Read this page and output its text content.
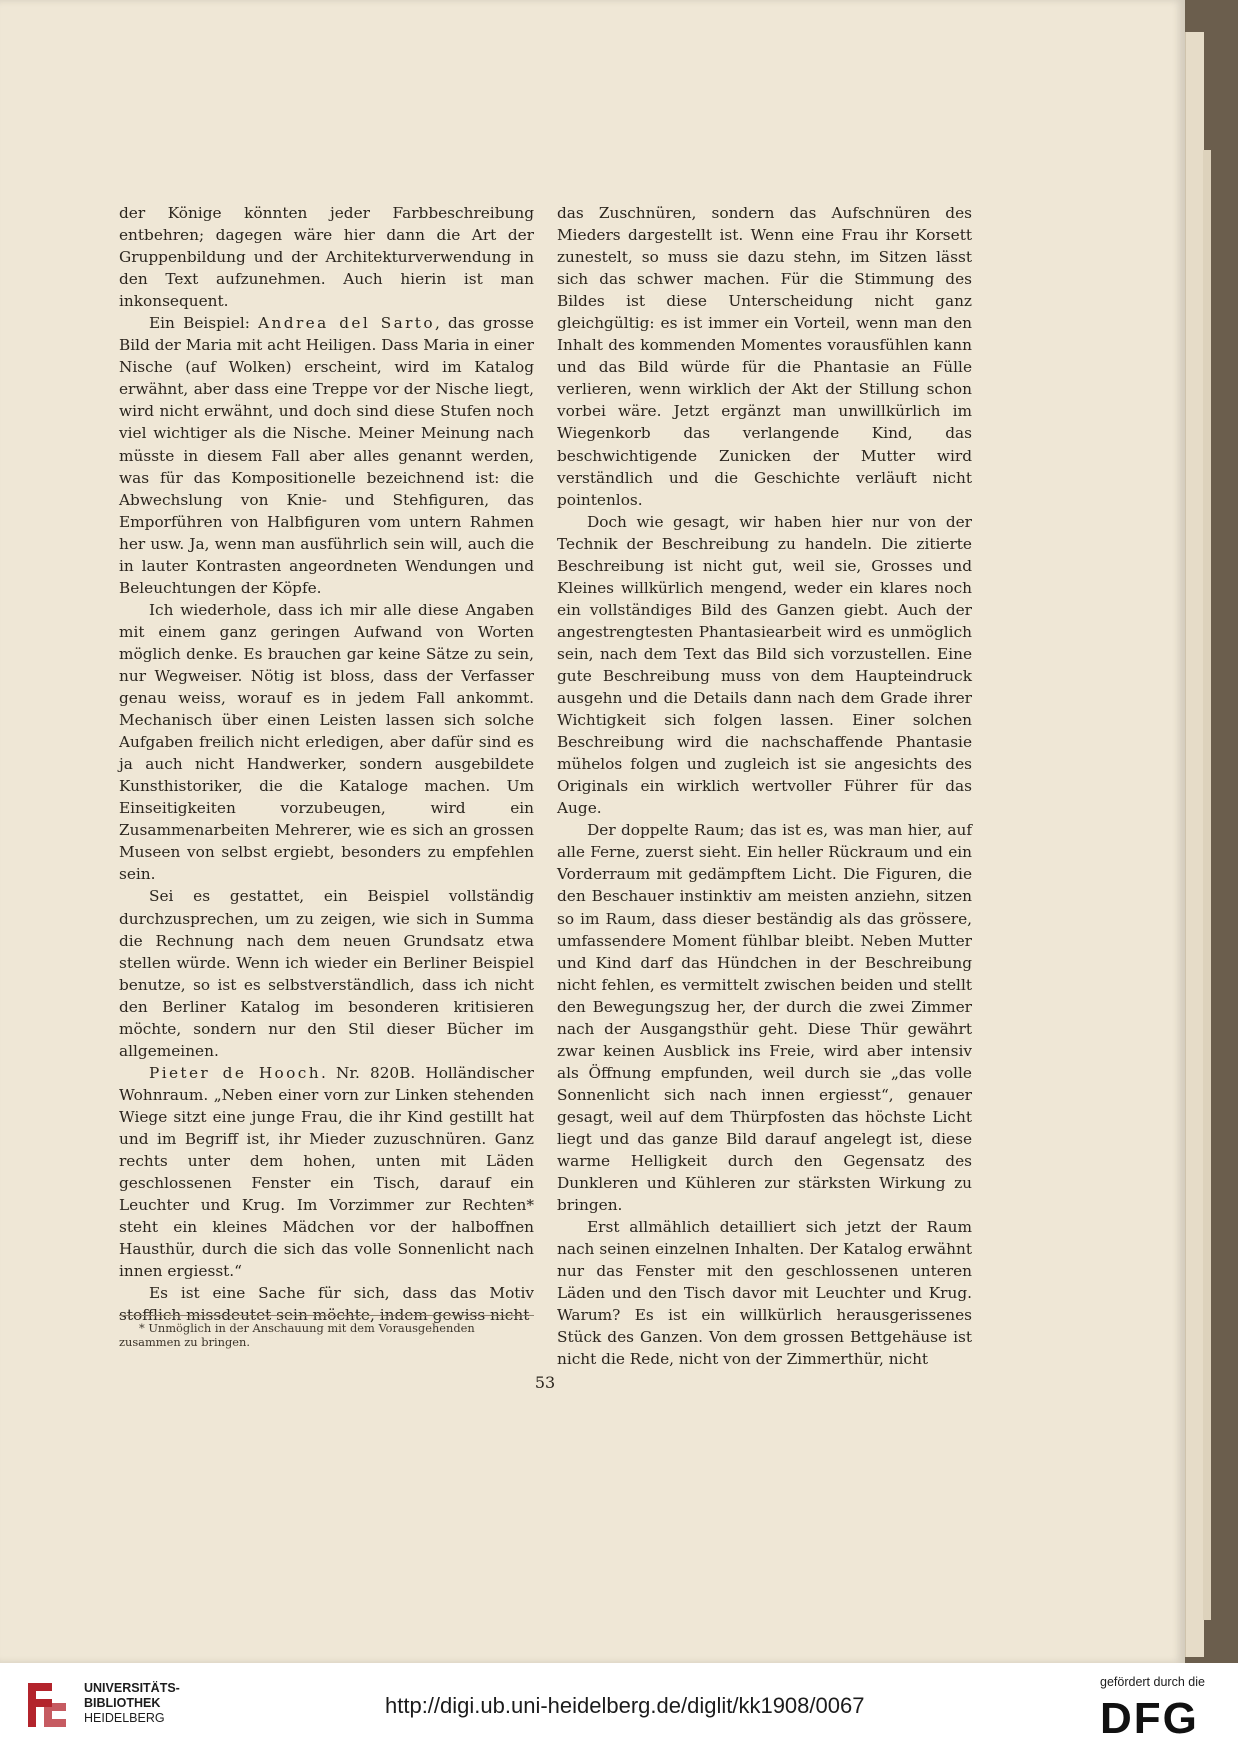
der Könige könnten jeder Farbbeschreibung entbehren; dagegen wäre hier dann die Art der Gruppenbildung und der Architekturverwendung in den Text aufzunehmen. Auch hierin ist man inkonsequent.

Ein Beispiel: Andrea del Sarto, das grosse Bild der Maria mit acht Heiligen. Dass Maria in einer Nische (auf Wolken) erscheint, wird im Katalog erwähnt, aber dass eine Treppe vor der Nische liegt, wird nicht erwähnt, und doch sind diese Stufen noch viel wichtiger als die Nische. Meiner Meinung nach müsste in diesem Fall aber alles genannt werden, was für das Kompositionelle bezeichnend ist: die Abwechslung von Knie- und Stehfiguren, das Emporführen von Halbfiguren vom untern Rahmen her usw. Ja, wenn man ausführlich sein will, auch die in lauter Kontrasten angeordneten Wendungen und Beleuchtungen der Köpfe.

Ich wiederhole, dass ich mir alle diese Angaben mit einem ganz geringen Aufwand von Worten möglich denke. Es brauchen gar keine Sätze zu sein, nur Wegweiser. Nötig ist bloss, dass der Verfasser genau weiss, worauf es in jedem Fall ankommt. Mechanisch über einen Leisten lassen sich solche Aufgaben freilich nicht erledigen, aber dafür sind es ja auch nicht Handwerker, sondern ausgebildete Kunsthistoriker, die die Kataloge machen. Um Einseitigkeiten vorzubeugen, wird ein Zusammenarbeiten Mehrerer, wie es sich an grossen Museen von selbst ergiebt, besonders zu empfehlen sein.

Sei es gestattet, ein Beispiel vollständig durchzusprechen, um zu zeigen, wie sich in Summa die Rechnung nach dem neuen Grundsatz etwa stellen würde. Wenn ich wieder ein Berliner Beispiel benutze, so ist es selbstverständlich, dass ich nicht den Berliner Katalog im besonderen kritisieren möchte, sondern nur den Stil dieser Bücher im allgemeinen.

Pieter de Hooch. Nr. 820B. Holländischer Wohnraum. „Neben einer vorn zur Linken stehenden Wiege sitzt eine junge Frau, die ihr Kind gestillt hat und im Begriff ist, ihr Mieder zuzuschnüren. Ganz rechts unter dem hohen, unten mit Läden geschlossenen Fenster ein Tisch, darauf ein Leuchter und Krug. Im Vorzimmer zur Rechten* steht ein kleines Mädchen vor der halboffnen Hausthür, durch die sich das volle Sonnenlicht nach innen ergiesst.“

Es ist eine Sache für sich, dass das Motiv stofflich missdeutet sein möchte, indem gewiss nicht

* Unmöglich in der Anschauung mit dem Vorausgehenden zusammen zu bringen.

das Zuschnüren, sondern das Aufschnüren des Mieders dargestellt ist. Wenn eine Frau ihr Korsett zunestelt, so muss sie dazu stehn, im Sitzen lässt sich das schwer machen. Für die Stimmung des Bildes ist diese Unterscheidung nicht ganz gleichgültig: es ist immer ein Vorteil, wenn man den Inhalt des kommenden Momentes vorausfühlen kann und das Bild würde für die Phantasie an Fülle verlieren, wenn wirklich der Akt der Stillung schon vorbei wäre. Jetzt ergänzt man unwillkürlich im Wiegenkorb das verlangende Kind, das beschwichtigende Zunicken der Mutter wird verständlich und die Geschichte verläuft nicht pointenlos.

Doch wie gesagt, wir haben hier nur von der Technik der Beschreibung zu handeln. Die zitierte Beschreibung ist nicht gut, weil sie, Grosses und Kleines willkürlich mengend, weder ein klares noch ein vollständiges Bild des Ganzen giebt. Auch der angestrengtesten Phantasiearbeit wird es unmöglich sein, nach dem Text das Bild sich vorzustellen. Eine gute Beschreibung muss von dem Haupteindruck ausgehn und die Details dann nach dem Grade ihrer Wichtigkeit sich folgen lassen. Einer solchen Beschreibung wird die nachschaffende Phantasie mühelos folgen und zugleich ist sie angesichts des Originals ein wirklich wertvoller Führer für das Auge.

Der doppelte Raum; das ist es, was man hier, auf alle Ferne, zuerst sieht. Ein heller Rückraum und ein Vorderraum mit gedämpftem Licht. Die Figuren, die den Beschauer instinktiv am meisten anziehn, sitzen so im Raum, dass dieser beständig als das grössere, umfassendere Moment fühlbar bleibt. Neben Mutter und Kind darf das Hündchen in der Beschreibung nicht fehlen, es vermittelt zwischen beiden und stellt den Bewegungszug her, der durch die zwei Zimmer nach der Ausgangsthür geht. Diese Thür gewährt zwar keinen Ausblick ins Freie, wird aber intensiv als Öffnung empfunden, weil durch sie „das volle Sonnenlicht sich nach innen ergiesst“, genauer gesagt, weil auf dem Thürpfosten das höchste Licht liegt und das ganze Bild darauf angelegt ist, diese warme Helligkeit durch den Gegensatz des Dunkleren und Kühleren zur stärksten Wirkung zu bringen.

Erst allmählich detailliert sich jetzt der Raum nach seinen einzelnen Inhalten. Der Katalog erwähnt nur das Fenster mit den geschlossenen unteren Läden und den Tisch davor mit Leuchter und Krug. Warum? Es ist ein willkürlich herausgerissenes Stück des Ganzen. Von dem grossen Bettgehäuse ist nicht die Rede, nicht von der Zimmerthür, nicht

53
UNIVERSITÄTS-
BIBLIOTHEK
HEIDELBERG	http://digi.ub.uni-heidelberg.de/diglit/kk1908/0067
gefördert durch die
DFG
